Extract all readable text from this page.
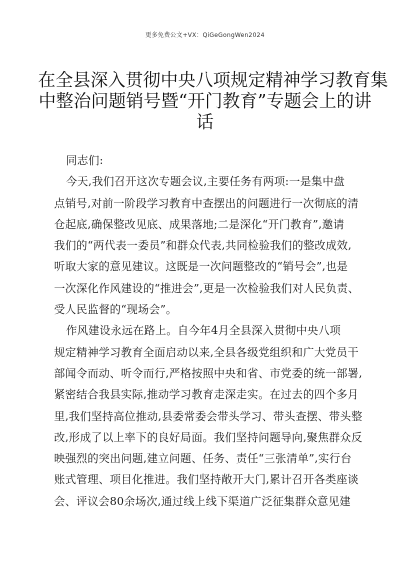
更多免费公文+VX：QiGeGongWen2024
在全县深入贯彻中央八项规定精神学习教育集
中整治问题销号暨“开门教育”专题会上的讲
话
同志们:
今天,我们召开这次专题会议,主要任务有两项:一是集中盘
点销号,对前一阶段学习教育中查摆出的问题进行一次彻底的清
仓起底,确保整改见底、成果落地;二是深化“开门教育”,邀请
我们的“两代表一委员”和群众代表,共同检验我们的整改成效,
听取大家的意见建议。这既是一次问题整改的“销号会”,也是
一次深化作风建设的“推进会”,更是一次检验我们对人民负责、
受人民监督的“现场会”。
作风建设永远在路上。自今年4月全县深入贯彻中央八项
规定精神学习教育全面启动以来,全县各级党组织和广大党员干
部闻令而动、听令而行,严格按照中央和省、市党委的统一部署,
紧密结合我县实际,推动学习教育走深走实。在过去的四个多月
里,我们坚持高位推动,县委常委会带头学习、带头查摆、带头整
改,形成了以上率下的良好局面。我们坚持问题导向,聚焦群众反
映强烈的突出问题,建立问题、任务、责任“三张清单”,实行台
账式管理、项目化推进。我们坚持敞开大门,累计召开各类座谈
会、评议会80余场次,通过线上线下渠道广泛征集群众意见建
